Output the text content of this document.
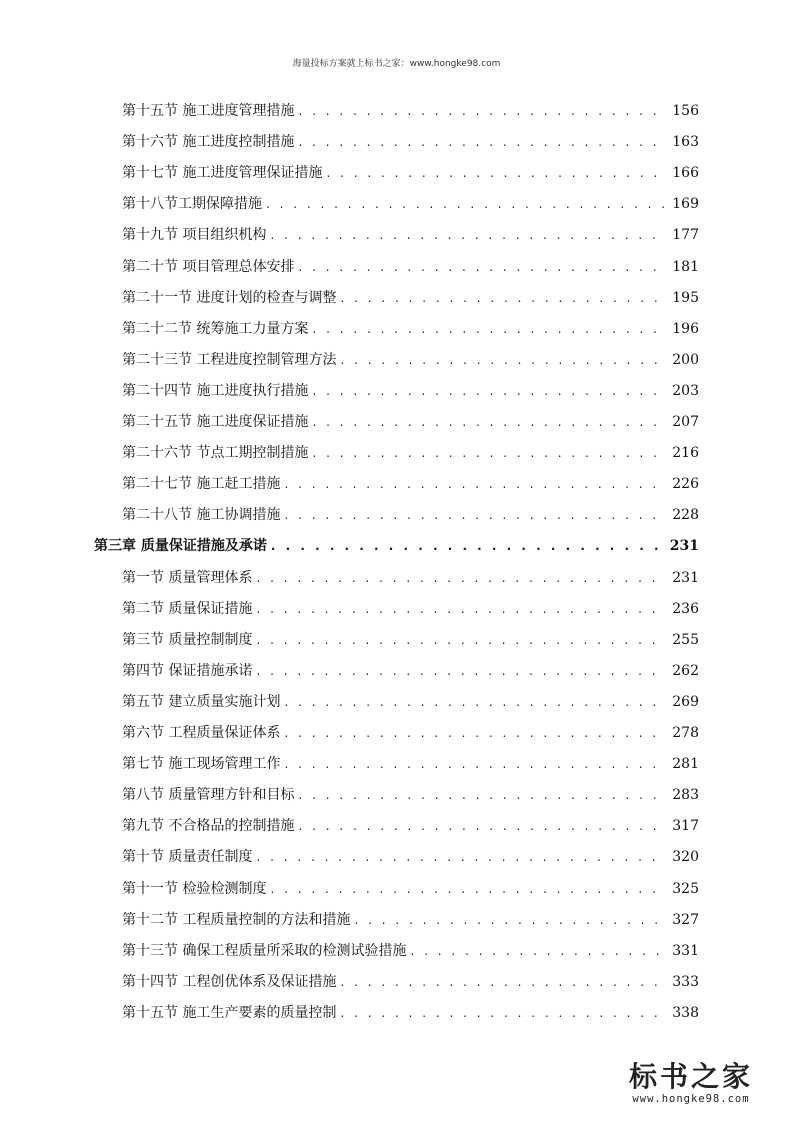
海量投标方案就上标书之家：www.hongke98.com
第十五节 施工进度管理措施 . . .	156
第十六节 施工进度控制措施 . . .	163
第十七节 施工进度管理保证措施 . . .	166
第十八节工期保障措施 . . .	169
第十九节 项目组织机构 . . .	177
第二十节 项目管理总体安排 . . .	181
第二十一节 进度计划的检查与调整 . . .	195
第二十二节 统筹施工力量方案 . . .	196
第二十三节 工程进度控制管理方法 . . .	200
第二十四节 施工进度执行措施 . . .	203
第二十五节 施工进度保证措施 . . .	207
第二十六节 节点工期控制措施 . . .	216
第二十七节 施工赶工措施 . . .	226
第二十八节 施工协调措施 . . .	228
第三章 质量保证措施及承诺 . . .	231
第一节 质量管理体系 . . .	231
第二节 质量保证措施 . . .	236
第三节 质量控制制度 . . .	255
第四节 保证措施承诺 . . .	262
第五节 建立质量实施计划 . . .	269
第六节 工程质量保证体系 . . .	278
第七节 施工现场管理工作 . . .	281
第八节 质量管理方针和目标 . . .	283
第九节 不合格品的控制措施 . . .	317
第十节 质量责任制度 . . .	320
第十一节 检验检测制度 . . .	325
第十二节 工程质量控制的方法和措施 . . .	327
第十三节 确保工程质量所采取的检测试验措施 . . .	331
第十四节 工程创优体系及保证措施 . . .	333
第十五节 施工生产要素的质量控制 . . .	338
标书之家
www.hongke98.com
